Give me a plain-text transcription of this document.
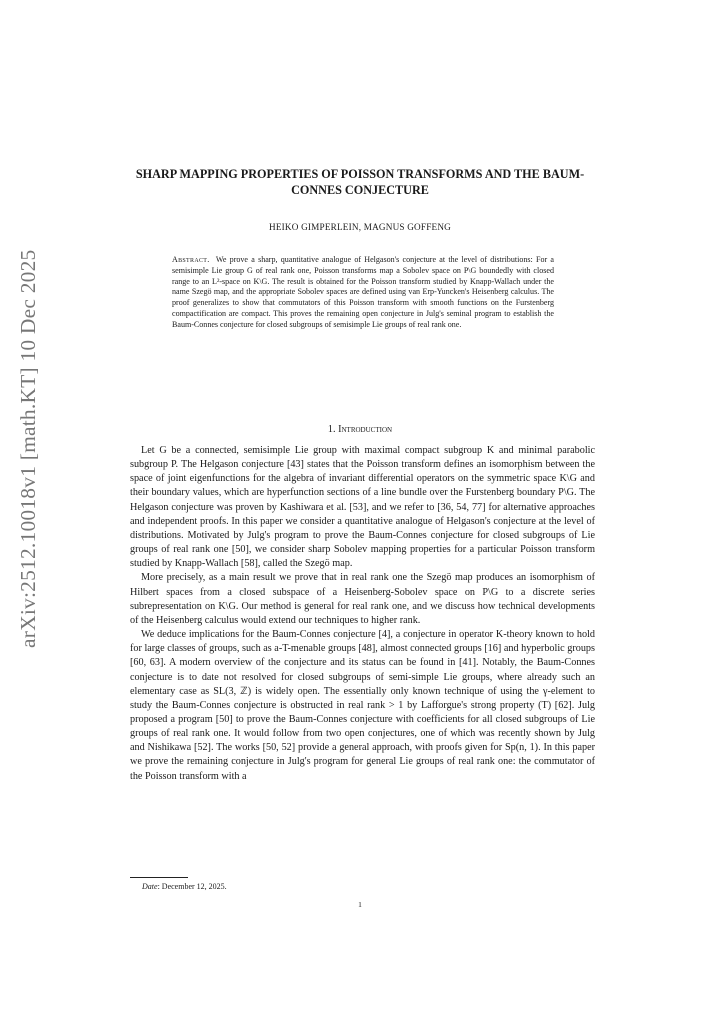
arXiv:2512.10018v1 [math.KT] 10 Dec 2025
SHARP MAPPING PROPERTIES OF POISSON TRANSFORMS AND THE BAUM-CONNES CONJECTURE
HEIKO GIMPERLEIN, MAGNUS GOFFENG

Abstract. We prove a sharp, quantitative analogue of Helgason's conjecture at the level of distributions: For a semisimple Lie group G of real rank one, Poisson transforms map a Sobolev space on P\G boundedly with closed range to an L²-space on K\G. The result is obtained for the Poisson transform studied by Knapp-Wallach under the name Szegö map, and the appropriate Sobolev spaces are defined using van Erp-Yuncken's Heisenberg calculus. The proof generalizes to show that commutators of this Poisson transform with smooth functions on the Furstenberg compactification are compact. This proves the remaining open conjecture in Julg's seminal program to establish the Baum-Connes conjecture for closed subgroups of semisimple Lie groups of real rank one.

1. Introduction

Let G be a connected, semisimple Lie group with maximal compact subgroup K and minimal parabolic subgroup P. The Helgason conjecture [43] states that the Poisson transform defines an isomorphism between the space of joint eigenfunctions for the algebra of invariant differential operators on the symmetric space K\G and their boundary values, which are hyperfunction sections of a line bundle over the Furstenberg boundary P\G. The Helgason conjecture was proven by Kashiwara et al. [53], and we refer to [36, 54, 77] for alternative approaches and independent proofs. In this paper we consider a quantitative analogue of Helgason's conjecture at the level of distributions. Motivated by Julg's program to prove the Baum-Connes conjecture for closed subgroups of Lie groups of real rank one [50], we consider sharp Sobolev mapping properties for a particular Poisson transform studied by Knapp-Wallach [58], called the Szegö map.

More precisely, as a main result we prove that in real rank one the Szegö map produces an isomorphism of Hilbert spaces from a closed subspace of a Heisenberg-Sobolev space on P\G to a discrete series subrepresentation on K\G. Our method is general for real rank one, and we discuss how technical developments of the Heisenberg calculus would extend our techniques to higher rank.

We deduce implications for the Baum-Connes conjecture [4], a conjecture in operator K-theory known to hold for large classes of groups, such as a-T-menable groups [48], almost connected groups [16] and hyperbolic groups [60, 63]. A modern overview of the conjecture and its status can be found in [41]. Notably, the Baum-Connes conjecture is to date not resolved for closed subgroups of semi-simple Lie groups, where already such an elementary case as SL(3, ℤ) is widely open. The essentially only known technique of using the γ-element to study the Baum-Connes conjecture is obstructed in real rank > 1 by Lafforgue's strong property (T) [62]. Julg proposed a program [50] to prove the Baum-Connes conjecture with coefficients for all closed subgroups of Lie groups of real rank one. It would follow from two open conjectures, one of which was recently shown by Julg and Nishikawa [52]. The works [50, 52] provide a general approach, with proofs given for Sp(n, 1). In this paper we prove the remaining conjecture in Julg's program for general Lie groups of real rank one: the commutator of the Poisson transform with a

Date: December 12, 2025.
1
